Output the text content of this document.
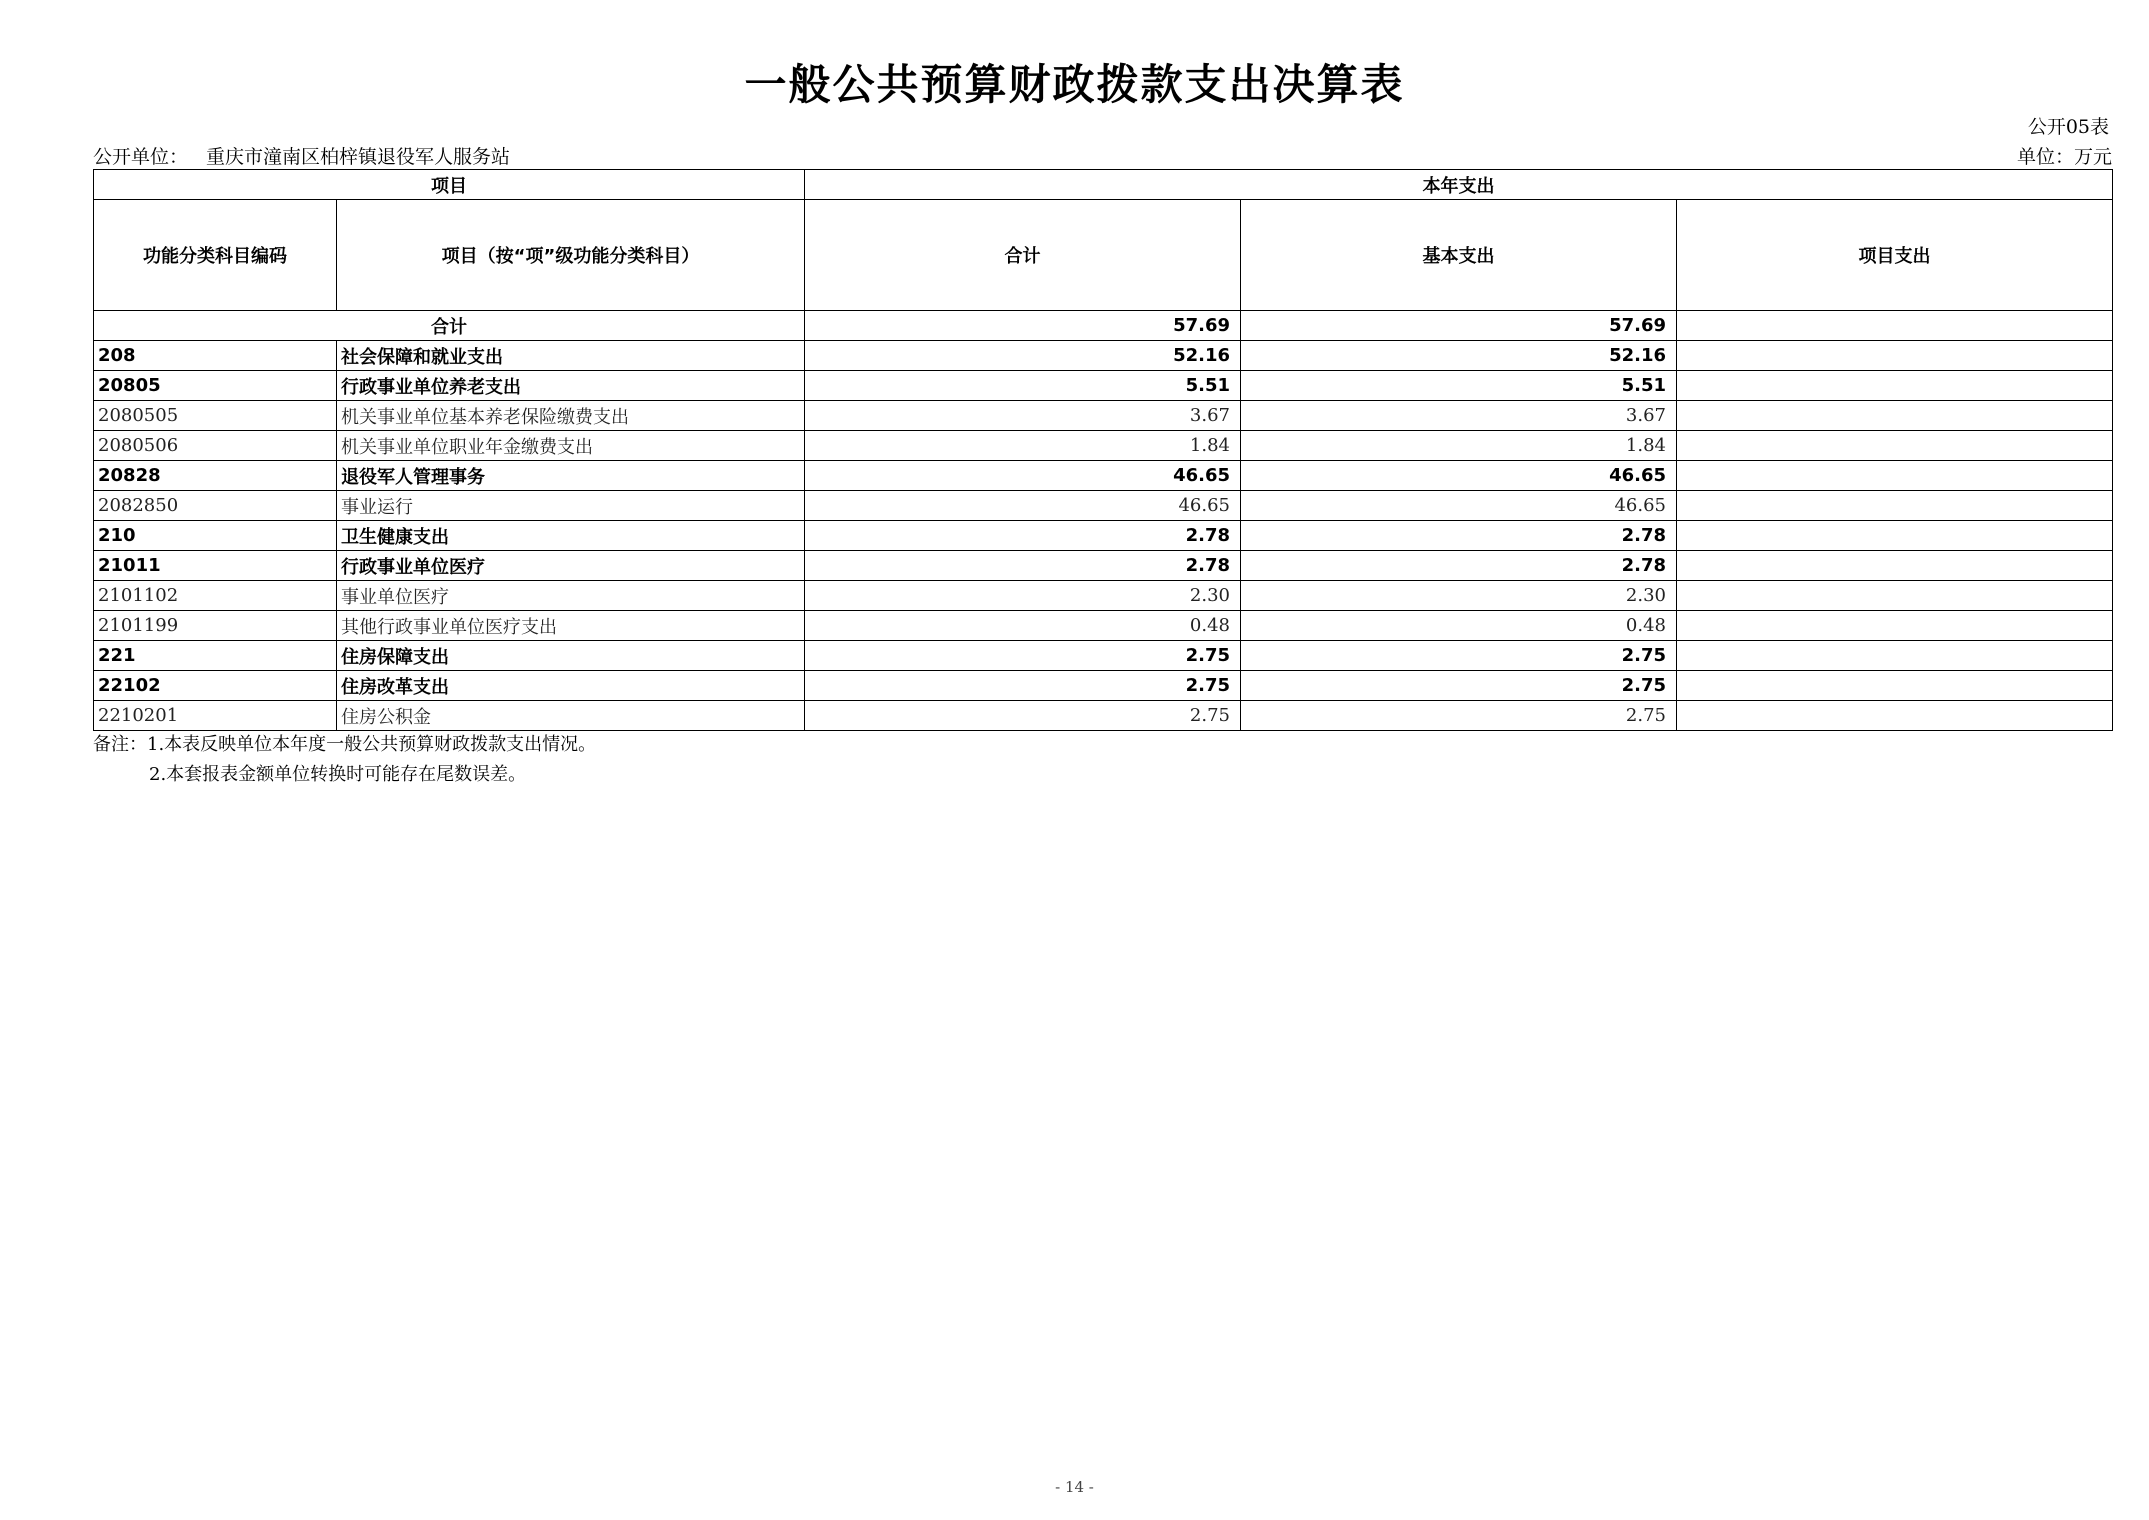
一般公共预算财政拨款支出决算表
公开05表
公开单位： 重庆市潼南区柏梓镇退役军人服务站	单位：万元
项目		本年支出		
功能分类科目编码	项目（按“项”级功能分类科目）	合计	基本支出	项目支出
合计		57.69	57.69	
208	社会保障和就业支出	52.16	52.16	
20805	行政事业单位养老支出	5.51	5.51	
2080505	机关事业单位基本养老保险缴费支出	3.67	3.67	
2080506	机关事业单位职业年金缴费支出	1.84	1.84	
20828	退役军人管理事务	46.65	46.65	
2082850	事业运行	46.65	46.65	
210	卫生健康支出	2.78	2.78	
21011	行政事业单位医疗	2.78	2.78	
2101102	事业单位医疗	2.30	2.30	
2101199	其他行政事业单位医疗支出	0.48	0.48	
221	住房保障支出	2.75	2.75	
22102	住房改革支出	2.75	2.75	
2210201	住房公积金	2.75	2.75	
备注：1.本表反映单位本年度一般公共预算财政拨款支出情况。
2.本套报表金额单位转换时可能存在尾数误差。
- 14 -
